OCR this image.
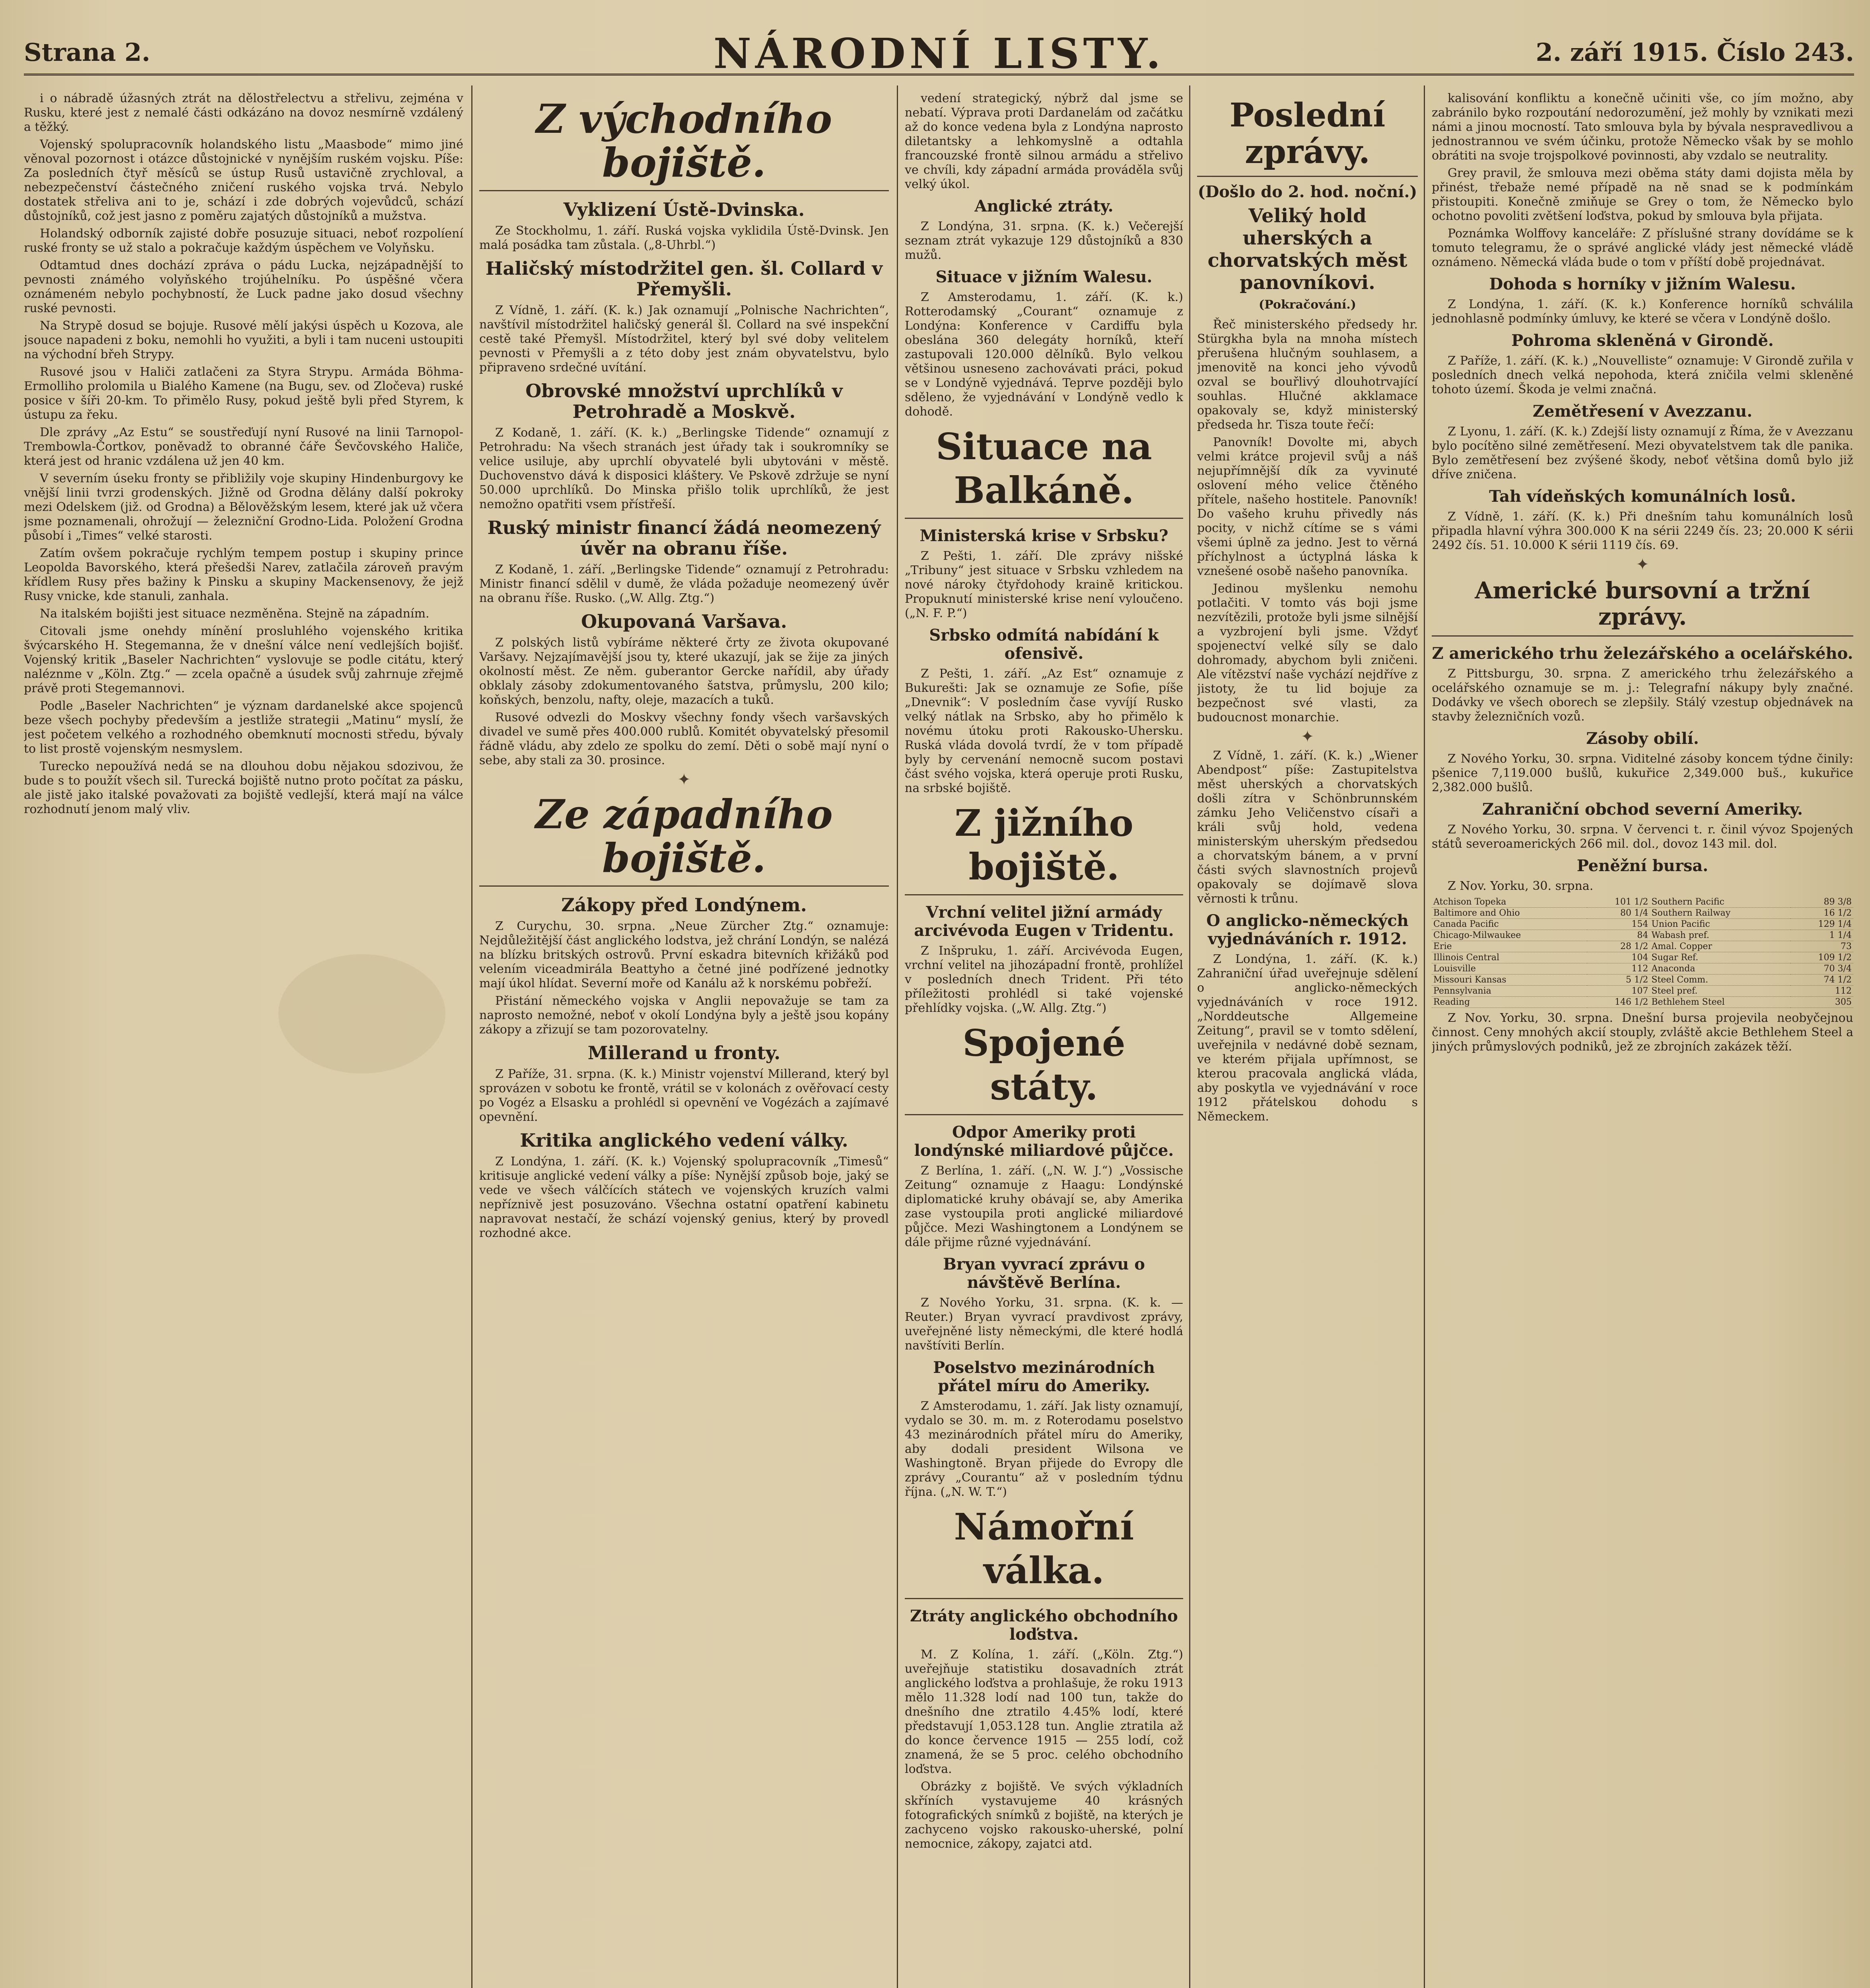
Strana 2.	NÁRODNÍ LISTY.	2. září 1915. Číslo 243.

i o nábradě úžasných ztrát na dělostřelectvu a střelivu, zejména v Rusku, které jest z nemalé části odkázáno na dovoz nesmírně vzdálený a těžký.

Vojenský spolupracovník holandského listu „Maasbode“ mimo jiné věnoval pozornost i otázce důstojnické v nynějším ruském vojsku. Píše: Za posledních čtyř měsíců se ústup Rusů ustavičně zrychloval, a nebezpečenství částečného zničení ruského vojska trvá. Nebylo dostatek střeliva ani to je, schází i zde dobrých vojevůdců, schází důstojníků, což jest jasno z poměru zajatých důstojníků a mužstva.

Holandský odborník zajisté dobře posuzuje situaci, neboť rozpolíení ruské fronty se už stalo a pokračuje každým úspěchem ve Volyňsku.

Odtamtud dnes dochází zpráva o pádu Lucka, nejzápadnější to pevnosti známého volyňského trojúhelníku. Po úspěšné včera oznámeném nebylo pochybností, že Luck padne jako dosud všechny ruské pevnosti.

Na Strypě dosud se bojuje. Rusové mělí jakýsi úspěch u Kozova, ale jsouce napadeni z boku, nemohli ho využiti, a byli i tam nuceni ustoupiti na východní břeh Strypy.

Rusové jsou v Haliči zatlačeni za Styra Strypu. Armáda Böhma-Ermolliho prolomila u Bialého Kamene (na Bugu, sev. od Zločeva) ruské posice v šíři 20-km. To přimělo Rusy, pokud ještě byli před Styrem, k ústupu za řeku.

Dle zprávy „Az Estu“ se soustřeďují nyní Rusové na linii Tarnopol-Trembowla-Čortkov, poněvadž to obranné čáře Ševčovského Haliče, která jest od hranic vzdálena už jen 40 km.

V severním úseku fronty se přibližily voje skupiny Hindenburgovy ke vnější linii tvrzi grodenských. Jižně od Grodna dělány další pokroky mezi Odelskem (již. od Grodna) a Bělověžským lesem, které jak už včera jsme poznamenali, ohrožují — železniční Grodno-Lida. Položení Grodna působí i „Times“ velké starosti.

Zatím ovšem pokračuje rychlým tempem postup i skupiny prince Leopolda Bavorského, která přešedši Narev, zatlačila zároveň pravým křídlem Rusy přes bažiny k Pinsku a skupiny Mackensenovy, že jejž Rusy vnicke, kde stanuli, zanhala.

Na italském bojišti jest situace nezměněna. Stejně na západním.

Citovali jsme onehdy mínění prosluhlého vojenského kritika švýcarského H. Stegemanna, že v dnešní válce není vedlejších bojišť. Vojenský kritik „Baseler Nachrichten“ vyslovuje se podle citátu, který naléznme v „Köln. Ztg.“ — zcela opačně a úsudek svůj zahrnuje zřejmě právě proti Stegemannovi.

Podle „Baseler Nachrichten“ je význam dardanelské akce spojenců beze všech pochyby především a jestliže strategii „Matinu“ myslí, že jest početem velkého a rozhodného obemknutí mocnosti středu, bývaly to list prostě vojenským nesmyslem.

Turecko nepoužívá nedá se na dlouhou dobu nějakou sdozivou, že bude s to použít všech sil. Turecká bojiště nutno proto počítat za pásku, ale jistě jako italské považovati za bojiště vedlejší, která mají na válce rozhodnutí jenom malý vliv.

Z východního bojiště.
Vyklizení Ústě-Dvinska.

Ze Stockholmu, 1. září. Ruská vojska vyklidila Ústě-Dvinsk. Jen malá posádka tam zůstala. („8-Uhrbl.“)

Haličský místodržitel gen. šl. Collard v Přemyšli.

Z Vídně, 1. září. (K. k.) Jak oznamují „Polnische Nachrichten“, navštívil místodržitel haličský generál šl. Collard na své inspekční cestě také Přemyšl. Místodržitel, který byl své doby velitelem pevnosti v Přemyšli a z této doby jest znám obyvatelstvu, bylo připraveno srdečné uvítání.

Obrovské množství uprchlíků v Petrohradě a Moskvě.

Z Kodaně, 1. září. (K. k.) „Berlingske Tidende“ oznamují z Petrohradu: Na všech stranách jest úřady tak i soukromníky se velice usiluje, aby uprchlí obyvatelé byli ubytováni v městě. Duchovenstvo dává k disposici kláštery. Ve Pskově zdržuje se nyní 50.000 uprchlíků. Do Minska přišlo tolik uprchlíků, že jest nemožno opatřiti vsem přístřeší.

Ruský ministr financí žádá neomezený úvěr na obranu říše.

Z Kodaně, 1. září. „Berlingske Tidende“ oznamují z Petrohradu: Ministr financí sdělil v dumě, že vláda požaduje neomezený úvěr na obranu říše. Rusko. („W. Allg. Ztg.“)

Okupovaná Varšava.

Z polských listů vybíráme některé črty ze života okupované Varšavy. Nejzajímavější jsou ty, které ukazují, jak se žije za jiných okolností měst. Ze něm. guberantor Gercke nařídil, aby úřady obklaly zásoby zdokumentovaného šatstva, průmyslu, 200 kilo; koňských, benzolu, nafty, oleje, mazacích a tuků.

Rusové odvezli do Moskvy všechny fondy všech varšavských divadel ve sumě přes 400.000 rublů. Komitét obyvatelský přesomil řádně vládu, aby zdelo ze spolku do zemí. Děti o sobě mají nyní o sebe, aby stali za 30. prosince.

✦
Ze západního bojiště.
Zákopy před Londýnem.

Z Curychu, 30. srpna. „Neue Zürcher Ztg.“ oznamuje: Nejdůležitější část anglického lodstva, jež chrání Londýn, se nalézá na blízku britských ostrovů. První eskadra bitevních křižáků pod velením viceadmirála Beattyho a četné jiné podřízené jednotky mají úkol hlídat. Severní moře od Kanálu až k norskému pobřeží.

Přistání německého vojska v Anglii nepovažuje se tam za naprosto nemožné, neboť v okolí Londýna byly a ještě jsou kopány zákopy a zřizují se tam pozorovatelny.

Millerand u fronty.

Z Paříže, 31. srpna. (K. k.) Ministr vojenství Millerand, který byl sprovázen v sobotu ke frontě, vrátil se v kolonách z ověřovací cesty po Vogéz a Elsasku a prohlédl si opevnění ve Vogézách a zajímavé opevnění.

Kritika anglického vedení války.

Z Londýna, 1. září. (K. k.) Vojenský spolupracovník „Timesů“ kritisuje anglické vedení války a píše: Nynější způsob boje, jaký se vede ve všech válčících státech ve vojenských kruzích valmi nepříznivě jest posuzováno. Všechna ostatní opatření kabinetu napravovat nestačí, že schází vojenský genius, který by provedl rozhodné akce.

vedení strategický, nýbrž dal jsme se nebatí. Výprava proti Dardanelám od začátku až do konce vedena byla z Londýna naprosto diletantsky a lehkomyslně a odtahla francouzské frontě silnou armádu a střelivo ve chvíli, kdy západní armáda prováděla svůj velký úkol.

Anglické ztráty.

Z Londýna, 31. srpna. (K. k.) Večerejší seznam ztrát vykazuje 129 důstojníků a 830 mužů.

Situace v jižním Walesu.

Z Amsterodamu, 1. září. (K. k.) Rotterodamský „Courant“ oznamuje z Londýna: Konference v Cardiffu byla obeslána 360 delegáty horníků, kteří zastupovali 120.000 dělníků. Bylo velkou většinou usneseno zachovávati práci, pokud se v Londýně vyjednává. Teprve později bylo sděleno, že vyjednávání v Londýně vedlo k dohodě.

Situace na Balkáně.
Ministerská krise v Srbsku?

Z Pešti, 1. září. Dle zprávy nišské „Tribuny“ jest situace v Srbsku vzhledem na nové nároky čtyřdohody kraině kritickou. Propuknutí ministerské krise není vyloučeno. („N. F. P.“)

Srbsko odmítá nabídání k ofensivě.

Z Pešti, 1. září. „Az Est“ oznamuje z Bukurešti: Jak se oznamuje ze Sofie, píše „Dnevnik“: V posledním čase vyvíjí Rusko velký nátlak na Srbsko, aby ho přimělo k novému útoku proti Rakousko-Uhersku. Ruská vláda dovolá tvrdí, že v tom případě byly by cervenání nemocně sucom postavi část svého vojska, která operuje proti Rusku, na srbské bojiště.

Z jižního bojiště.
Vrchní velitel jižní armády arcivévoda Eugen v Tridentu.

Z Inšpruku, 1. září. Arcivévoda Eugen, vrchní velitel na jihozápadní frontě, prohlížel v posledních dnech Trident. Při této příležitosti prohlédl si také vojenské přehlídky vojska. („W. Allg. Ztg.“)

Spojené státy.
Odpor Ameriky proti londýnské miliardové půjčce.

Z Berlína, 1. září. („N. W. J.“) „Vossische Zeitung“ oznamuje z Haagu: Londýnské diplomatické kruhy obávají se, aby Amerika zase vystoupila proti anglické miliardové půjčce. Mezi Washingtonem a Londýnem se dále přijme různé vyjednávání.

Bryan vyvrací zprávu o návštěvě Berlína.

Z Nového Yorku, 31. srpna. (K. k. — Reuter.) Bryan vyvrací pravdivost zprávy, uveřejněné listy německými, dle které hodlá navštíviti Berlín.

Poselstvo mezinárodních přátel míru do Ameriky.

Z Amsterodamu, 1. září. Jak listy oznamují, vydalo se 30. m. m. z Roterodamu poselstvo 43 mezinárodních přátel míru do Ameriky, aby dodali president Wilsona ve Washingtoně. Bryan přijede do Evropy dle zprávy „Courantu“ až v posledním týdnu října. („N. W. T.“)

Námořní válka.
Ztráty anglického obchodního loďstva.

M. Z Kolína, 1. září. („Köln. Ztg.“) uveřejňuje statistiku dosavadních ztrát anglického loďstva a prohlašuje, že roku 1913 mělo 11.328 lodí nad 100 tun, takže do dnešního dne ztratilo 4.45% lodí, které představují 1,053.128 tun. Anglie ztratila až do konce července 1915 — 255 lodí, což znamená, že se 5 proc. celého obchodního loďstva.

Obrázky z bojiště. Ve svých výkladních skříních vystavujeme 40 krásných fotografických snímků z bojiště, na kterých je zachyceno vojsko rakousko-uherské, polní nemocnice, zákopy, zajatci atd.

Poslední zprávy.
(Došlo do 2. hod. noční.)
Veliký hold uherských a chorvatských měst panovníkovi.
(Pokračování.)

Řeč ministerského předsedy hr. Stürgkha byla na mnoha místech přerušena hlučným souhlasem, a jmenovitě na konci jeho vývodů ozval se bouřlivý dlouhotrvající souhlas. Hlučné akklamace opakovaly se, když ministerský předseda hr. Tisza toute řečí:

Panovník! Dovolte mi, abych velmi krátce projevil svůj a náš nejupřímnější dík za vyvinuté oslovení mého velice čtěného přítele, našeho hostitele. Panovník! Do vašeho kruhu přivedly nás pocity, v nichž cítíme se s vámi všemi úplně za jedno. Jest to věrná příchylnost a úctyplná láska k vznešené osobě našeho panovníka.

Jedinou myšlenku nemohu potlačiti. V tomto vás boji jsme nezvítězili, protože byli jsme silnější a vyzbrojení byli jsme. Vždyť spojenectví velké síly se dalo dohromady, abychom byli zničeni. Ale vítězství naše vychází nejdříve z jistoty, že tu lid bojuje za bezpečnost své vlasti, za budoucnost monarchie.

✦

Z Vídně, 1. září. (K. k.) „Wiener Abendpost“ píše: Zastupitelstva měst uherských a chorvatských došli zítra v Schönbrunnském zámku Jeho Veličenstvo císaři a králi svůj hold, vedena ministerským uherským předsedou a chorvatským bánem, a v první části svých slavnostních projevů opakovaly se dojímavě slova věrnosti k trůnu.

O anglicko-německých vyjednáváních r. 1912.

Z Londýna, 1. září. (K. k.) Zahraniční úřad uveřejnuje sdělení o anglicko-německých vyjednáváních v roce 1912. „Norddeutsche Allgemeine Zeitung“, pravil se v tomto sdělení, uveřejnila v nedávné době seznam, ve kterém přijala upřímnost, se kterou pracovala anglická vláda, aby poskytla ve vyjednávání v roce 1912 přátelskou dohodu s Německem.

kalisování konfliktu a konečně učiniti vše, co jím možno, aby zabránilo byko rozpoutání nedorozumění, jež mohly by vznikati mezi námi a jinou mocností. Tato smlouva byla by bývala nespravedlivou a jednostrannou ve svém účinku, protože Německo však by se mohlo obrátiti na svoje trojspolkové povinnosti, aby vzdalo se neutrality.

Grey pravil, že smlouva mezi oběma státy dami dojista měla by přinést, třebaže nemé případě na ně snad se k podmínkám přistoupiti. Konečně zmiňuje se Grey o tom, že Německo bylo ochotno povoliti zvětšení loďstva, pokud by smlouva byla přijata.

Poznámka Wolffovy kanceláře: Z příslušné strany dovídáme se k tomuto telegramu, že o správé anglické vlády jest německé vládě oznámeno. Německá vláda bude o tom v příští době projednávat.

Dohoda s horníky v jižním Walesu.

Z Londýna, 1. září. (K. k.) Konference horníků schválila jednohlasně podmínky úmluvy, ke které se včera v Londýně došlo.

Pohroma skleněná v Girondě.

Z Paříže, 1. září. (K. k.) „Nouvelliste“ oznamuje: V Girondě zuřila v posledních dnech velká nepohoda, která zničila velmi skleněné tohoto území. Škoda je velmi značná.

Zemětřesení v Avezzanu.

Z Lyonu, 1. září. (K. k.) Zdejší listy oznamují z Říma, že v Avezzanu bylo pocítěno silné zemětřesení. Mezi obyvatelstvem tak dle panika. Bylo zemětřesení bez zvýšené škody, neboť většina domů bylo již dříve zničena.

Tah vídeňských komunálních losů.

Z Vídně, 1. září. (K. k.) Při dnešním tahu komunálních losů připadla hlavní výhra 300.000 K na sérii 2249 čís. 23; 20.000 K sérii 2492 čís. 51. 10.000 K sérii 1119 čís. 69.

✦
Americké bursovní a tržní zprávy.
Z amerického trhu železářského a ocelářského.

Z Pittsburgu, 30. srpna. Z amerického trhu železářského a ocelářského oznamuje se m. j.: Telegrafní nákupy byly značné. Dodávky ve všech oborech se zlepšily. Stálý vzestup objednávek na stavby železničních vozů.

Zásoby obilí.

Z Nového Yorku, 30. srpna. Viditelné zásoby koncem týdne činily: pšenice 7,119.000 bušlů, kukuřice 2,349.000 buš., kukuřice 2,382.000 bušlů.

Zahraniční obchod severní Ameriky.

Z Nového Yorku, 30. srpna. V červenci t. r. činil vývoz Spojených států severoamerických 266 mil. dol., dovoz 143 mil. dol.

Peněžní bursa.

Z Nov. Yorku, 30. srpna.

Atchison Topeka	101 1/2	Southern Pacific	89 3/8
Baltimore and Ohio	80 1/4	Southern Railway	16 1/2
Canada Pacific	154	Union Pacific	129 1/4
Chicago-Milwaukee	84	Wabash pref.	1 1/4
Erie	28 1/2	Amal. Copper	73
Illinois Central	104	Sugar Ref.	109 1/2
Louisville	112	Anaconda	70 3/4
Missouri Kansas	5 1/2	Steel Comm.	74 1/2
Pennsylvania	107	Steel pref.	112
Reading	146 1/2	Bethlehem Steel	305

Z Nov. Yorku, 30. srpna. Dnešní bursa projevila neobyčejnou činnost. Ceny mnohých akcií stouply, zvláště akcie Bethlehem Steel a jiných průmyslových podniků, jež ze zbrojních zakázek těží.
